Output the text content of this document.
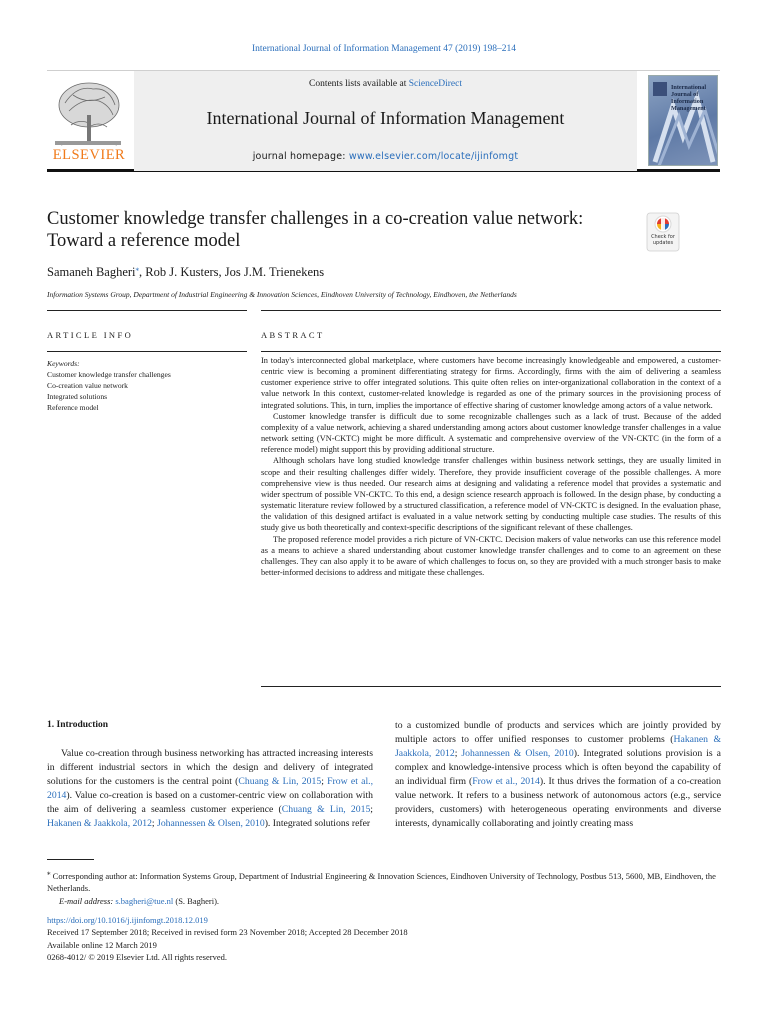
International Journal of Information Management 47 (2019) 198–214
Contents lists available at ScienceDirect
International Journal of Information Management
journal homepage: www.elsevier.com/locate/ijinfomgt
ELSEVIER
International Journal of Information Management
Customer knowledge transfer challenges in a co-creation value network:
Toward a reference model	Check for updates
Samaneh Bagheri⁎, Rob J. Kusters, Jos J.M. Trienekens
Information Systems Group, Department of Industrial Engineering & Innovation Sciences, Eindhoven University of Technology, Eindhoven, the Netherlands
ARTICLE INFO	ABSTRACT
Keywords:
Customer knowledge transfer challenges
Co-creation value network
Integrated solutions
Reference model

In today's interconnected global marketplace, where customers have become increasingly knowledgeable and empowered, a customer-centric view is becoming a prominent differentiating strategy for firms. Accordingly, firms with the aim of delivering a seamless customer experience strive to offer integrated solutions. This quite often relies on inter-organizational collaboration in the context of a value network In this context, customer-related knowledge is regarded as one of the primary sources in the provisioning process of integrated solutions. This, in turn, implies the importance of effective sharing of customer knowledge among actors of a value network.

Customer knowledge transfer is difficult due to some recognizable challenges such as a lack of trust. Because of the added complexity of a value network, achieving a shared understanding among actors about customer knowledge transfer challenges in a value network setting (VN-CKTC) might be more difficult. A systematic and comprehensive overview of the VN-CKTC (in the form of a reference model) might support this by providing additional structure.

Although scholars have long studied knowledge transfer challenges within business network settings, they are usually limited in scope and their resulting challenges differ widely. Therefore, they provide insufficient coverage of the possible challenges. A more comprehensive view is thus needed. Our research aims at designing and validating a reference model that provides a systematic and wider spectrum of possible VN-CKTC. To this end, a design science research approach is followed. In the design phase, by conducting a systematic literature review followed by a structured classification, a reference model of VN-CKTC is designed. In the evaluation phase, the validation of this designed artifact is evaluated in a value network setting by conducting multiple case studies. The results of this study give us both theoretically and context-specific descriptions of the significant relevant of these challenges.

The proposed reference model provides a rich picture of VN-CKTC. Decision makers of value networks can use this reference model as a means to achieve a shared understanding about customer knowledge transfer challenges and to come to an agreement on these challenges. They can also apply it to be aware of which challenges to focus on, so they are provided with a much stronger basis to make better-informed decisions to address and mitigate these challenges.

1. Introduction

Value co-creation through business networking has attracted increasing interests in different industrial sectors in which the design and delivery of integrated solutions for the customers is the central point (Chuang & Lin, 2015; Frow et al., 2014). Value co-creation is based on a customer-centric view on collaboration with the aim of delivering a seamless customer experience (Chuang & Lin, 2015; Hakanen & Jaakkola, 2012; Johannessen & Olsen, 2010). Integrated solutions refer

to a customized bundle of products and services which are jointly provided by multiple actors to offer unified responses to customer problems (Hakanen & Jaakkola, 2012; Johannessen & Olsen, 2010). Integrated solutions provision is a complex and knowledge-intensive process which is often beyond the capability of an individual firm (Frow et al., 2014). It thus drives the formation of a co-creation value network. It refers to a business network of autonomous actors (e.g., service providers, customers) with heterogeneous operating environments and diverse interests, dynamically collaborating and jointly creating mass

⁎ Corresponding author at: Information Systems Group, Department of Industrial Engineering & Innovation Sciences, Eindhoven University of Technology, Postbus 513, 5600, MB, Eindhoven, the Netherlands.
E-mail address: s.bagheri@tue.nl (S. Bagheri).
https://doi.org/10.1016/j.ijinfomgt.2018.12.019
Received 17 September 2018; Received in revised form 23 November 2018; Accepted 28 December 2018
Available online 12 March 2019
0268-4012/ © 2019 Elsevier Ltd. All rights reserved.
